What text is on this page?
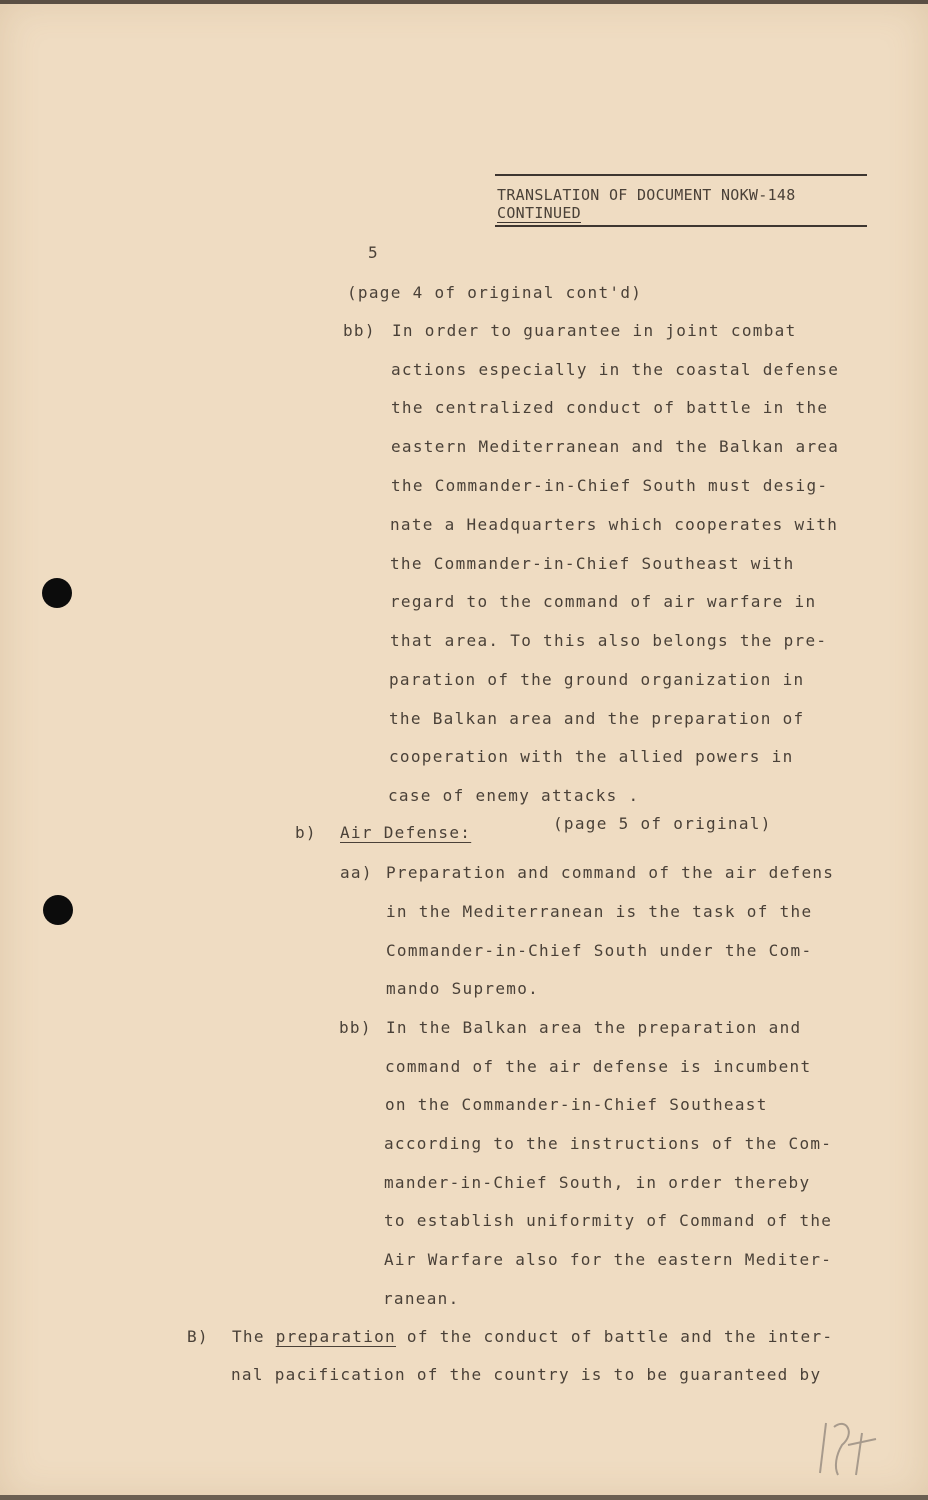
TRANSLATION OF DOCUMENT NOKW-148
CONTINUED
5
(page 4 of original cont'd)
bb) In order to guarantee in joint combat
actions especially in the coastal defense
the centralized conduct of battle in the
eastern Mediterranean and the Balkan area
the Commander-in-Chief South must desig-
nate a Headquarters which cooperates with
the Commander-in-Chief Southeast with
regard to the command of air warfare in
that area. To this also belongs the pre-
paration of the ground organization in
the Balkan area and the preparation of
cooperation with the allied powers in
case of enemy attacks .
b) Air Defense:	(page 5 of original)
aa) Preparation and command of the air defens
in the Mediterranean is the task of the
Commander-in-Chief South under the Com-
mando Supremo.
bb) In the Balkan area the preparation and
command of the air defense is incumbent
on the Commander-in-Chief Southeast
according to the instructions of the Com-
mander-in-Chief South, in order thereby
to establish uniformity of Command of the
Air Warfare also for the eastern Mediter-
ranean.
B) The preparation of the conduct of battle and the inter-
nal pacification of the country is to be guaranteed by
